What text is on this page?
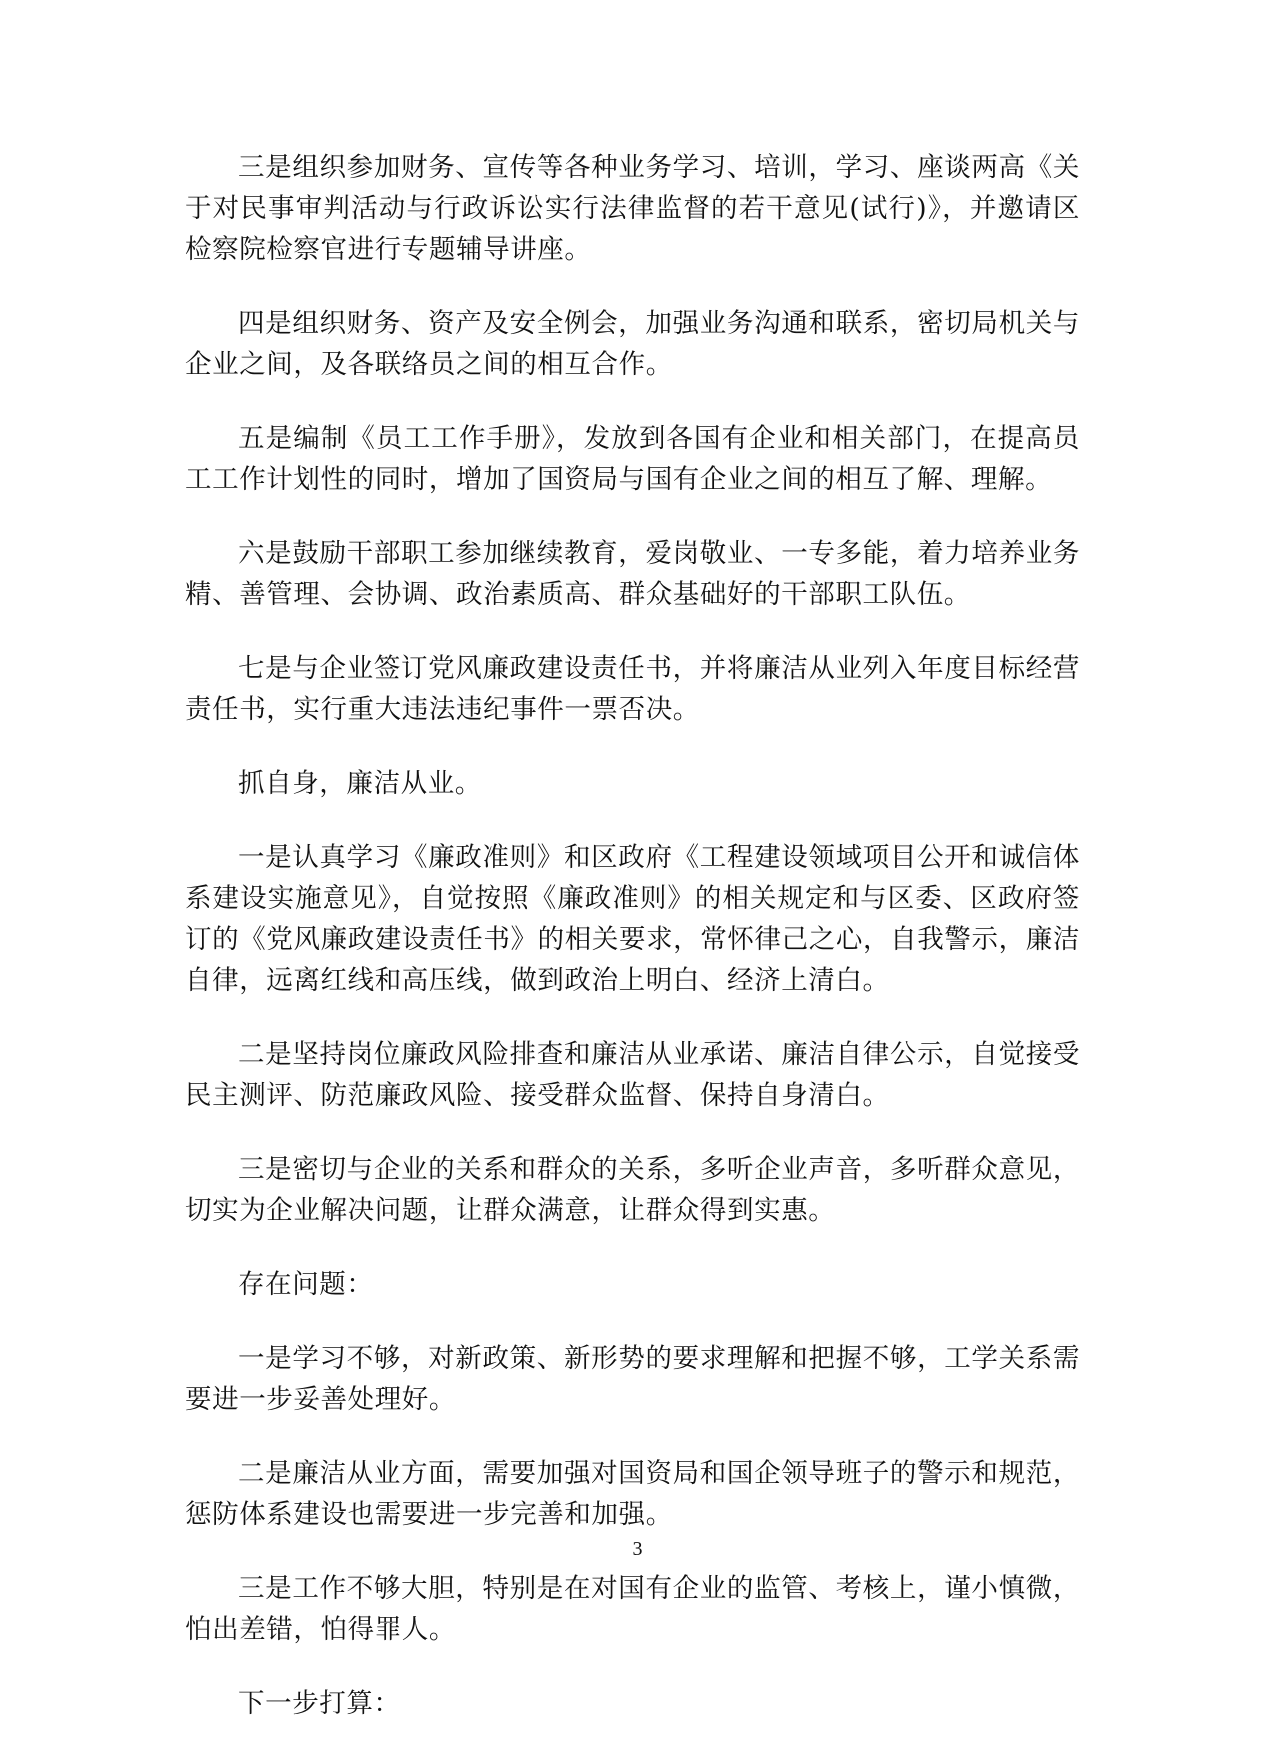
三是组织参加财务、宣传等各种业务学习、培训，学习、座谈两高《关于对民事审判活动与行政诉讼实行法律监督的若干意见(试行)》，并邀请区检察院检察官进行专题辅导讲座。

四是组织财务、资产及安全例会，加强业务沟通和联系，密切局机关与企业之间，及各联络员之间的相互合作。

五是编制《员工工作手册》，发放到各国有企业和相关部门，在提高员工工作计划性的同时，增加了国资局与国有企业之间的相互了解、理解。

六是鼓励干部职工参加继续教育，爱岗敬业、一专多能，着力培养业务精、善管理、会协调、政治素质高、群众基础好的干部职工队伍。

七是与企业签订党风廉政建设责任书，并将廉洁从业列入年度目标经营责任书，实行重大违法违纪事件一票否决。

抓自身，廉洁从业。

一是认真学习《廉政准则》和区政府《工程建设领域项目公开和诚信体系建设实施意见》，自觉按照《廉政准则》的相关规定和与区委、区政府签订的《党风廉政建设责任书》的相关要求，常怀律己之心，自我警示，廉洁自律，远离红线和高压线，做到政治上明白、经济上清白。

二是坚持岗位廉政风险排查和廉洁从业承诺、廉洁自律公示，自觉接受民主测评、防范廉政风险、接受群众监督、保持自身清白。

三是密切与企业的关系和群众的关系，多听企业声音，多听群众意见，切实为企业解决问题，让群众满意，让群众得到实惠。

存在问题：

一是学习不够，对新政策、新形势的要求理解和把握不够，工学关系需要进一步妥善处理好。

二是廉洁从业方面，需要加强对国资局和国企领导班子的警示和规范，惩防体系建设也需要进一步完善和加强。

三是工作不够大胆，特别是在对国有企业的监管、考核上，谨小慎微，怕出差错，怕得罪人。

下一步打算：

3
